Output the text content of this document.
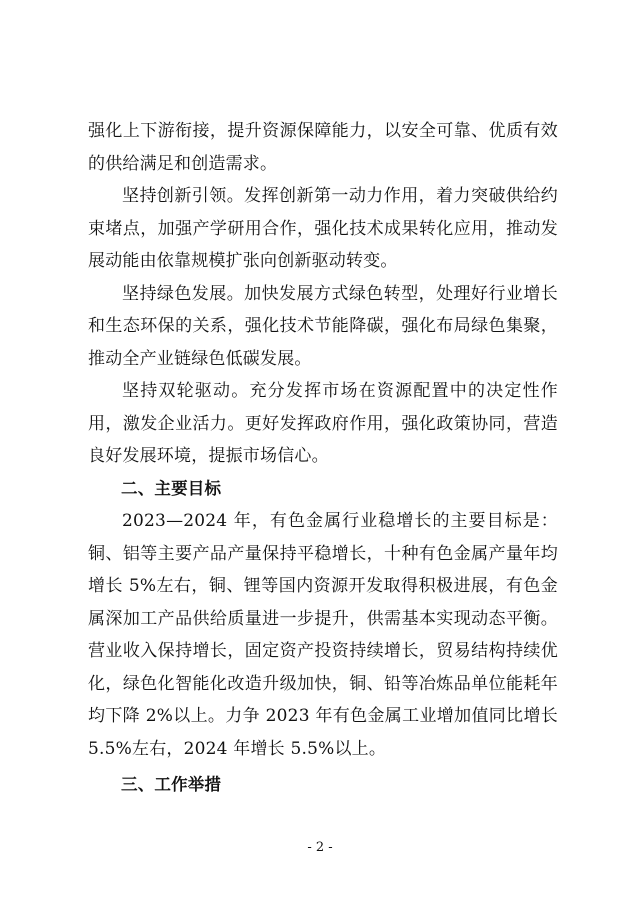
强化上下游衔接，提升资源保障能力，以安全可靠、优质有效的供给满足和创造需求。

坚持创新引领。发挥创新第一动力作用，着力突破供给约束堵点，加强产学研用合作，强化技术成果转化应用，推动发展动能由依靠规模扩张向创新驱动转变。

坚持绿色发展。加快发展方式绿色转型，处理好行业增长和生态环保的关系，强化技术节能降碳，强化布局绿色集聚，推动全产业链绿色低碳发展。

坚持双轮驱动。充分发挥市场在资源配置中的决定性作用，激发企业活力。更好发挥政府作用，强化政策协同，营造良好发展环境，提振市场信心。

二、主要目标

2023—2024 年，有色金属行业稳增长的主要目标是：铜、铝等主要产品产量保持平稳增长，十种有色金属产量年均增长 5%左右，铜、锂等国内资源开发取得积极进展，有色金属深加工产品供给质量进一步提升，供需基本实现动态平衡。营业收入保持增长，固定资产投资持续增长，贸易结构持续优化，绿色化智能化改造升级加快，铜、铅等冶炼品单位能耗年均下降 2%以上。力争 2023 年有色金属工业增加值同比增长 5.5%左右，2024 年增长 5.5%以上。

三、工作举措

- 2 -
